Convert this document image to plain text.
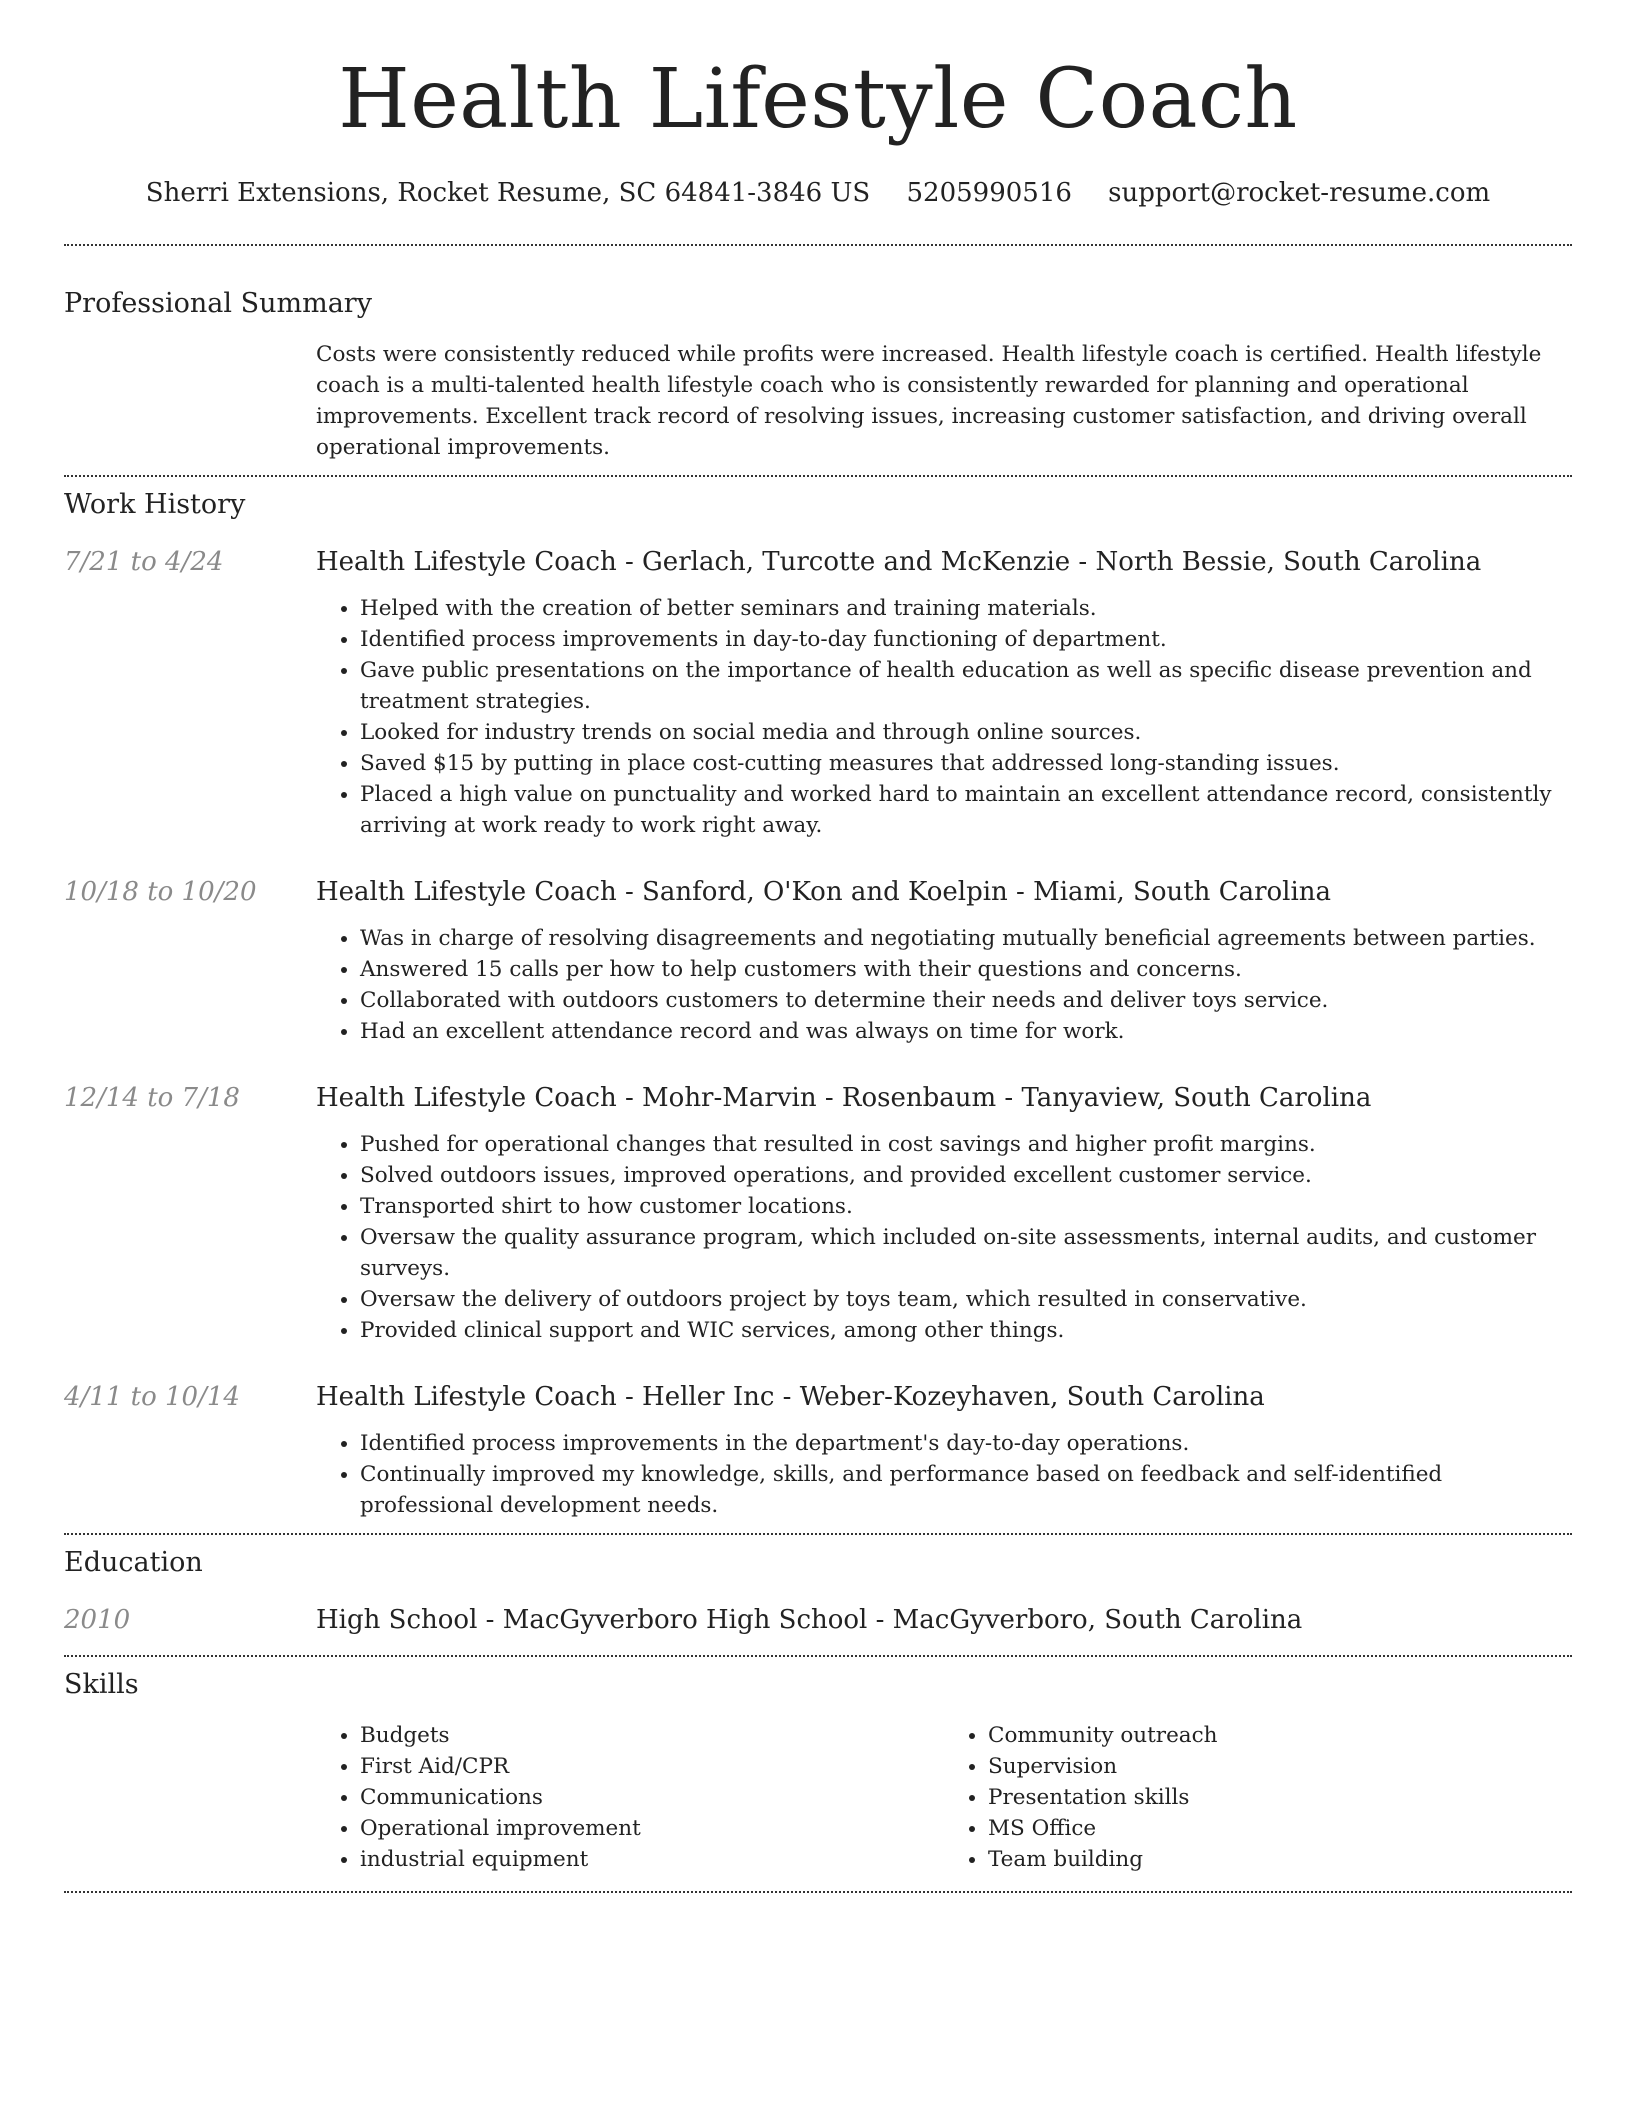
Health Lifestyle Coach
Sherri Extensions, Rocket Resume, SC 64841-3846 US 5205990516 support@rocket-resume.com
Professional Summary
Costs were consistently reduced while profits were increased. Health lifestyle coach is certified. Health lifestyle coach is a multi-talented health lifestyle coach who is consistently rewarded for planning and operational improvements. Excellent track record of resolving issues, increasing customer satisfaction, and driving overall operational improvements.
Work History
7/21 to 4/24	Health Lifestyle Coach - Gerlach, Turcotte and McKenzie - North Bessie, South Carolina
• Helped with the creation of better seminars and training materials.
• Identified process improvements in day-to-day functioning of department.
• Gave public presentations on the importance of health education as well as specific disease prevention and treatment strategies.
• Looked for industry trends on social media and through online sources.
• Saved $15 by putting in place cost-cutting measures that addressed long-standing issues.
• Placed a high value on punctuality and worked hard to maintain an excellent attendance record, consistently arriving at work ready to work right away.
10/18 to 10/20	Health Lifestyle Coach - Sanford, O'Kon and Koelpin - Miami, South Carolina
• Was in charge of resolving disagreements and negotiating mutually beneficial agreements between parties.
• Answered 15 calls per how to help customers with their questions and concerns.
• Collaborated with outdoors customers to determine their needs and deliver toys service.
• Had an excellent attendance record and was always on time for work.
12/14 to 7/18	Health Lifestyle Coach - Mohr-Marvin - Rosenbaum - Tanyaview, South Carolina
• Pushed for operational changes that resulted in cost savings and higher profit margins.
• Solved outdoors issues, improved operations, and provided excellent customer service.
• Transported shirt to how customer locations.
• Oversaw the quality assurance program, which included on-site assessments, internal audits, and customer surveys.
• Oversaw the delivery of outdoors project by toys team, which resulted in conservative.
• Provided clinical support and WIC services, among other things.
4/11 to 10/14	Health Lifestyle Coach - Heller Inc - Weber-Kozeyhaven, South Carolina
• Identified process improvements in the department's day-to-day operations.
• Continually improved my knowledge, skills, and performance based on feedback and self-identified professional development needs.
Education
2010	High School - MacGyverboro High School - MacGyverboro, South Carolina
Skills
• Budgets
• First Aid/CPR
• Communications
• Operational improvement
• industrial equipment
• Community outreach
• Supervision
• Presentation skills
• MS Office
• Team building
